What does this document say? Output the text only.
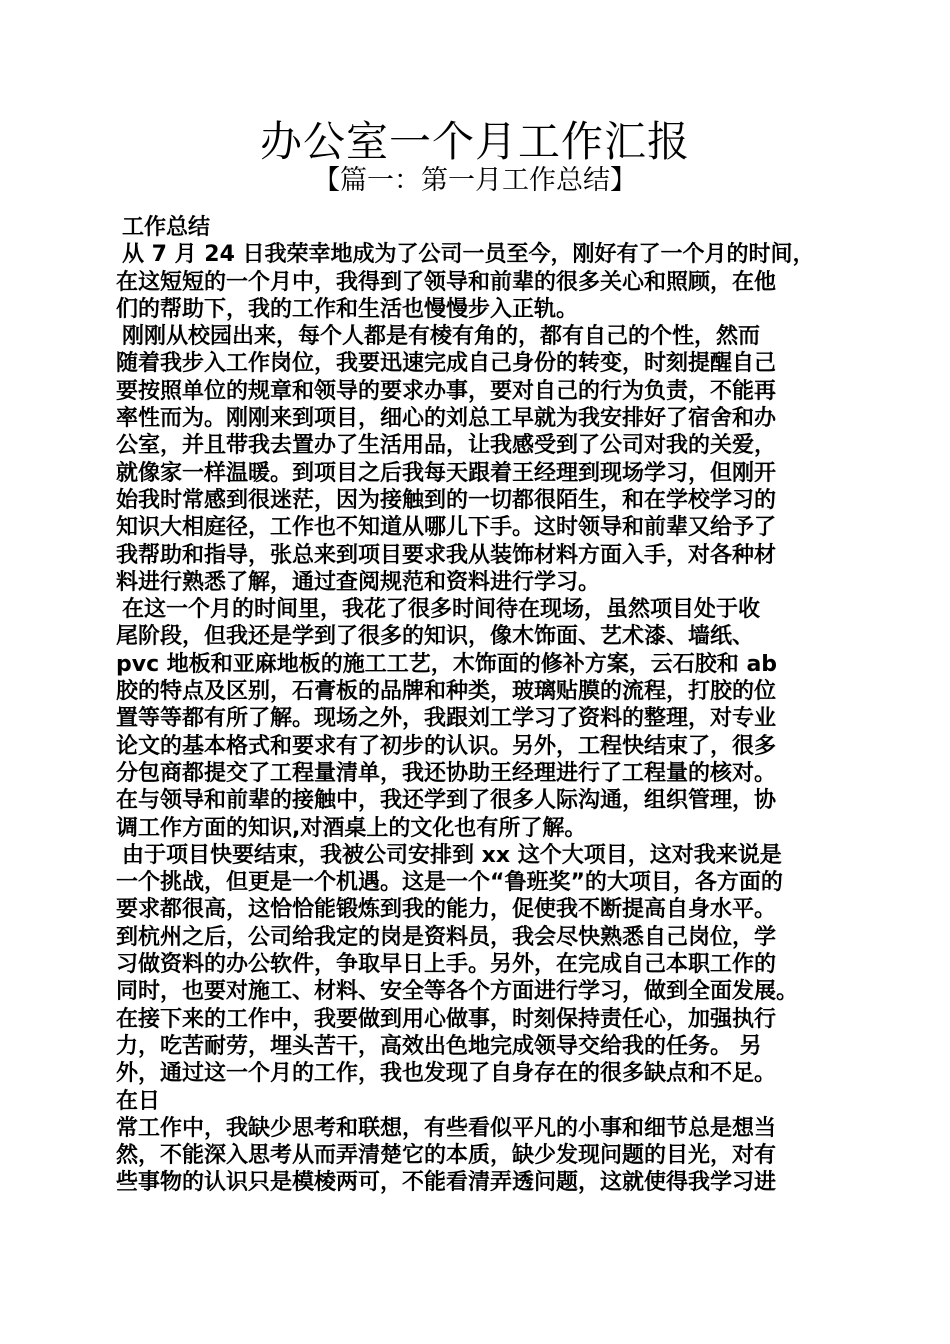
办公室一个月工作汇报
【篇一：第一月工作总结】
工作总结
从 7 月 24 日我荣幸地成为了公司一员至今，刚好有了一个月的时间，
在这短短的一个月中，我得到了领导和前辈的很多关心和照顾，在他
们的帮助下，我的工作和生活也慢慢步入正轨。
刚刚从校园出来，每个人都是有棱有角的，都有自己的个性，然而
随着我步入工作岗位，我要迅速完成自己身份的转变，时刻提醒自己
要按照单位的规章和领导的要求办事，要对自己的行为负责，不能再
率性而为。刚刚来到项目，细心的刘总工早就为我安排好了宿舍和办
公室，并且带我去置办了生活用品，让我感受到了公司对我的关爱，
就像家一样温暖。到项目之后我每天跟着王经理到现场学习，但刚开
始我时常感到很迷茫，因为接触到的一切都很陌生，和在学校学习的
知识大相庭径，工作也不知道从哪儿下手。这时领导和前辈又给予了
我帮助和指导，张总来到项目要求我从装饰材料方面入手，对各种材
料进行熟悉了解，通过查阅规范和资料进行学习。
在这一个月的时间里，我花了很多时间待在现场，虽然项目处于收
尾阶段，但我还是学到了很多的知识，像木饰面、艺术漆、墙纸、
pvc 地板和亚麻地板的施工工艺，木饰面的修补方案，云石胶和 ab
胶的特点及区别，石膏板的品牌和种类，玻璃贴膜的流程，打胶的位
置等等都有所了解。现场之外，我跟刘工学习了资料的整理，对专业
论文的基本格式和要求有了初步的认识。另外，工程快结束了，很多
分包商都提交了工程量清单，我还协助王经理进行了工程量的核对。
在与领导和前辈的接触中，我还学到了很多人际沟通，组织管理，协
调工作方面的知识,对酒桌上的文化也有所了解。
由于项目快要结束，我被公司安排到 xx 这个大项目，这对我来说是
一个挑战，但更是一个机遇。这是一个“鲁班奖”的大项目，各方面的
要求都很高，这恰恰能锻炼到我的能力，促使我不断提高自身水平。
到杭州之后，公司给我定的岗是资料员，我会尽快熟悉自己岗位，学
习做资料的办公软件，争取早日上手。另外，在完成自己本职工作的
同时，也要对施工、材料、安全等各个方面进行学习，做到全面发展。
在接下来的工作中，我要做到用心做事，时刻保持责任心，加强执行
力，吃苦耐劳，埋头苦干，高效出色地完成领导交给我的任务。 另
外，通过这一个月的工作，我也发现了自身存在的很多缺点和不足。
在日
常工作中，我缺少思考和联想，有些看似平凡的小事和细节总是想当
然，不能深入思考从而弄清楚它的本质，缺少发现问题的目光，对有
些事物的认识只是模棱两可，不能看清弄透问题，这就使得我学习进
